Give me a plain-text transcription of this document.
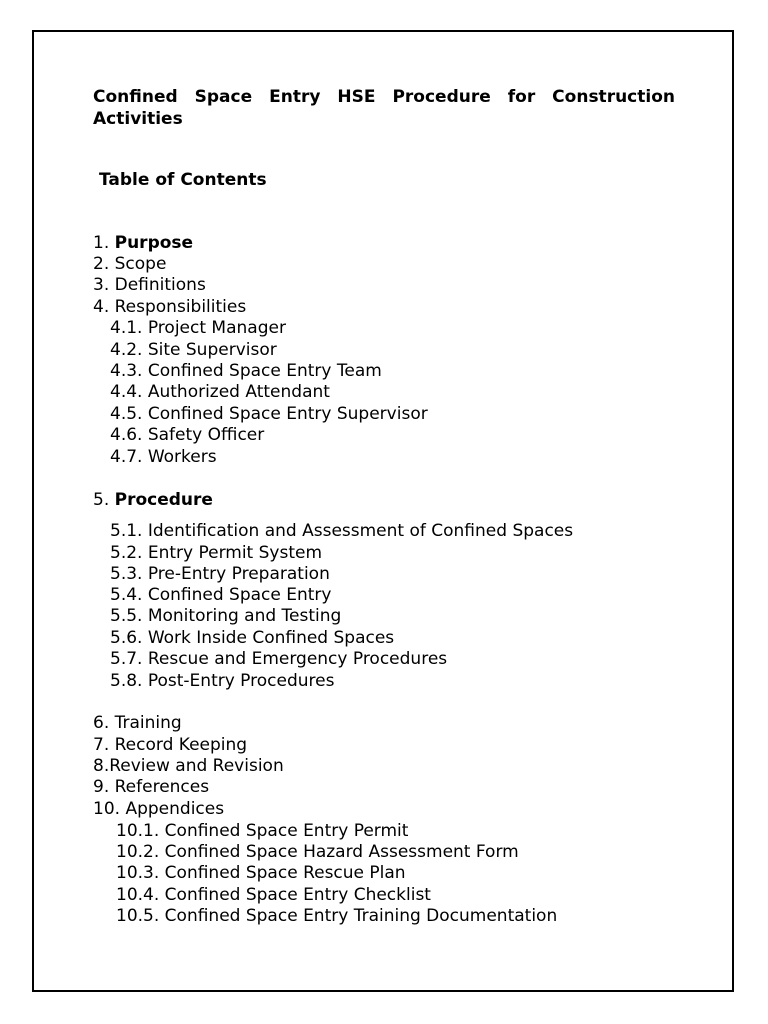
Confined Space Entry HSE Procedure for Construction Activities
Table of Contents
1. Purpose
2. Scope
3. Definitions
4. Responsibilities
4.1. Project Manager
4.2. Site Supervisor
4.3. Confined Space Entry Team
4.4. Authorized Attendant
4.5. Confined Space Entry Supervisor
4.6. Safety Officer
4.7. Workers
5. Procedure
5.1. Identification and Assessment of Confined Spaces
5.2. Entry Permit System
5.3. Pre-Entry Preparation
5.4. Confined Space Entry
5.5. Monitoring and Testing
5.6. Work Inside Confined Spaces
5.7. Rescue and Emergency Procedures
5.8. Post-Entry Procedures
6. Training
7. Record Keeping
8.Review and Revision
9. References
10. Appendices
10.1. Confined Space Entry Permit
10.2. Confined Space Hazard Assessment Form
10.3. Confined Space Rescue Plan
10.4. Confined Space Entry Checklist
10.5. Confined Space Entry Training Documentation
